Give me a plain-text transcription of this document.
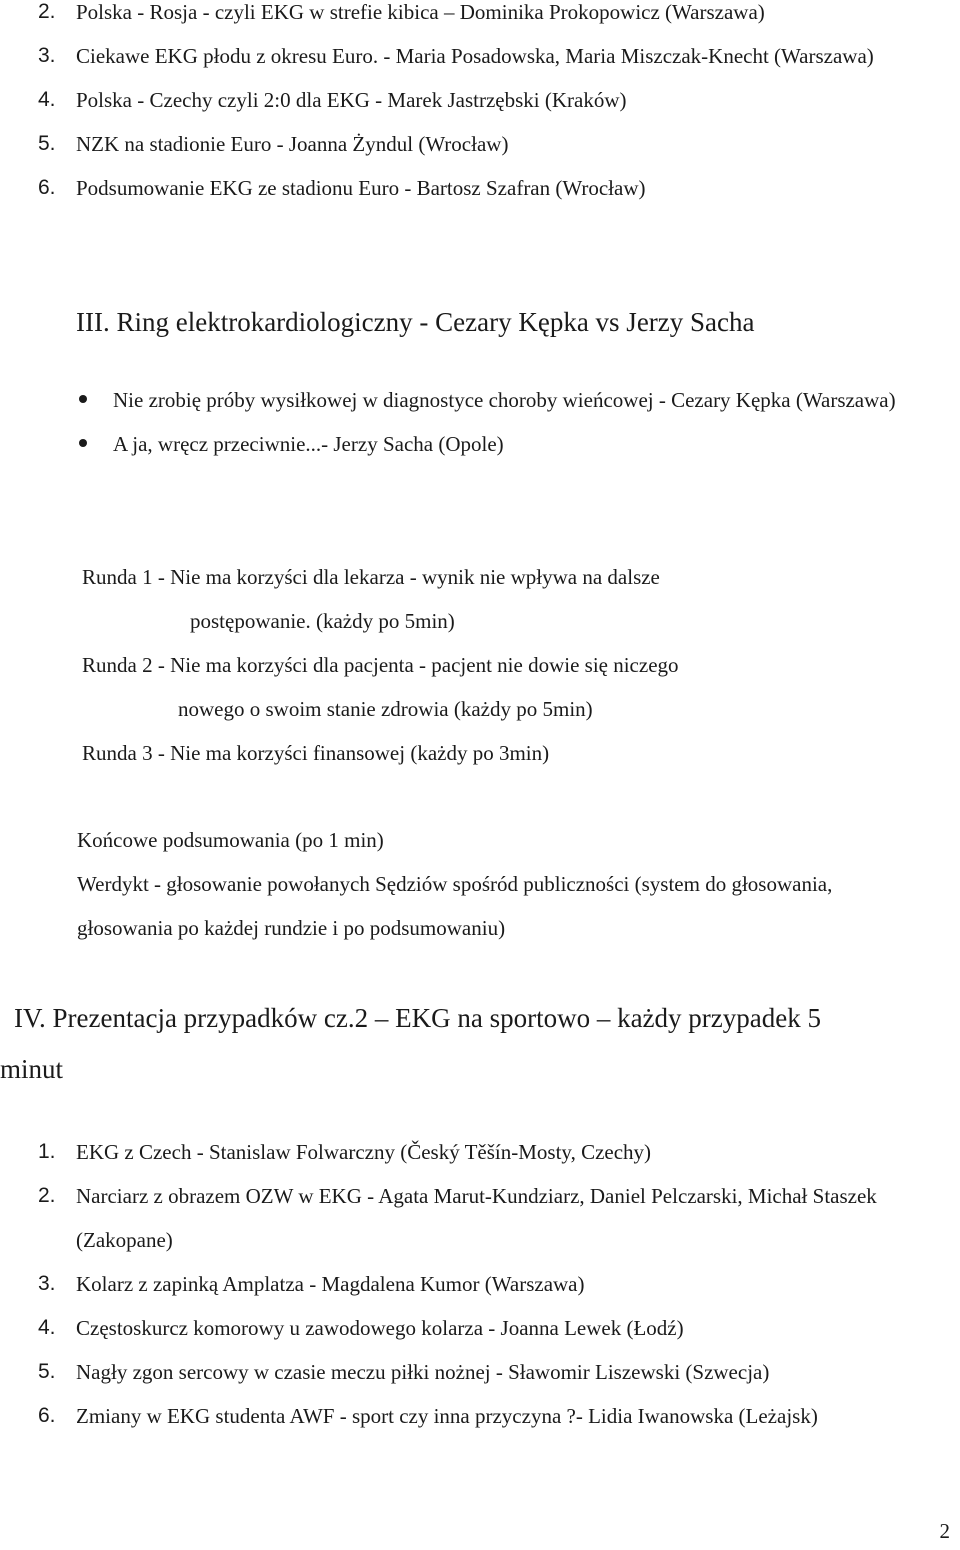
2. Polska - Rosja - czyli EKG w strefie kibica – Dominika Prokopowicz (Warszawa)
3. Ciekawe EKG płodu z okresu Euro. - Maria Posadowska, Maria Miszczak-Knecht (Warszawa)
4. Polska - Czechy czyli 2:0 dla EKG - Marek Jastrzębski (Kraków)
5. NZK na stadionie Euro - Joanna Żyndul (Wrocław)
6. Podsumowanie EKG ze stadionu Euro - Bartosz Szafran (Wrocław)
III. Ring elektrokardiologiczny - Cezary Kępka vs Jerzy Sacha
Nie zrobię próby wysiłkowej w diagnostyce choroby wieńcowej - Cezary Kępka (Warszawa)
A ja, wręcz przeciwnie...- Jerzy Sacha (Opole)
Runda 1 - Nie ma korzyści dla lekarza - wynik nie wpływa na dalsze
postępowanie. (każdy po 5min)
Runda 2 - Nie ma korzyści dla pacjenta - pacjent nie dowie się niczego
nowego o swoim stanie zdrowia (każdy po 5min)
Runda 3 - Nie ma korzyści finansowej (każdy po 3min)
Końcowe podsumowania (po 1 min)
Werdykt - głosowanie powołanych Sędziów spośród publiczności (system do głosowania, głosowania po każdej rundzie i po podsumowaniu)
IV. Prezentacja przypadków cz.2 – EKG na sportowo – każdy przypadek 5
minut
1. EKG z Czech - Stanislaw Folwarczny (Český Těšín-Mosty, Czechy)
2. Narciarz z obrazem OZW w EKG - Agata Marut-Kundziarz, Daniel Pelczarski, Michał Staszek (Zakopane)
3. Kolarz z zapinką Amplatza - Magdalena Kumor (Warszawa)
4. Częstoskurcz komorowy u zawodowego kolarza - Joanna Lewek (Łodź)
5. Nagły zgon sercowy w czasie meczu piłki nożnej - Sławomir Liszewski (Szwecja)
6. Zmiany w EKG studenta AWF - sport czy inna przyczyna ?- Lidia Iwanowska (Leżajsk)
2
